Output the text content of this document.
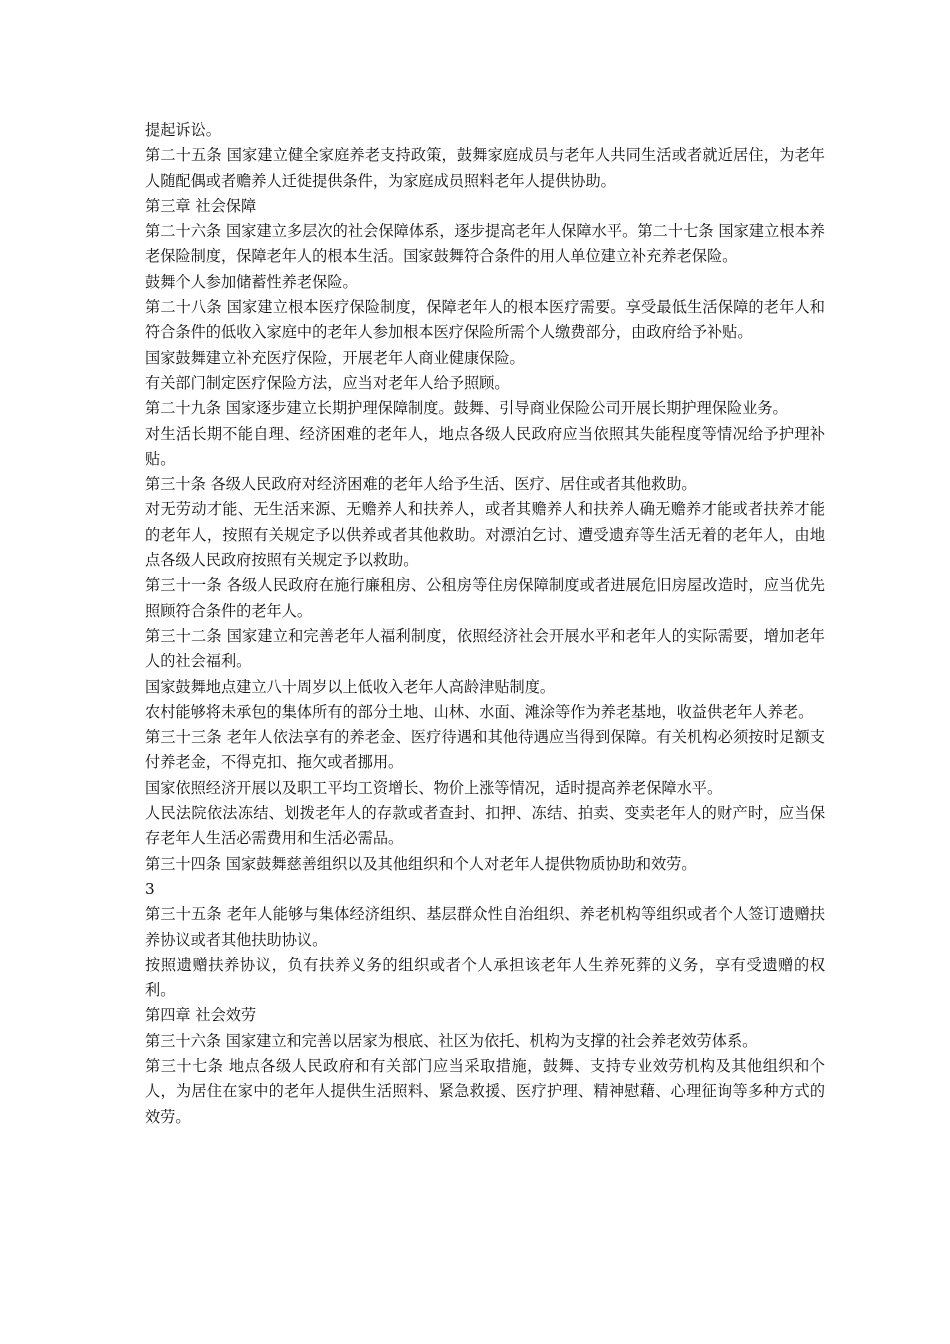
提起诉讼。

第二十五条 国家建立健全家庭养老支持政策，鼓舞家庭成员与老年人共同生活或者就近居住，为老年人随配偶或者赡养人迁徙提供条件，为家庭成员照料老年人提供协助。

第三章 社会保障

第二十六条 国家建立多层次的社会保障体系，逐步提高老年人保障水平。第二十七条 国家建立根本养老保险制度，保障老年人的根本生活。国家鼓舞符合条件的用人单位建立补充养老保险。

鼓舞个人参加储蓄性养老保险。

第二十八条 国家建立根本医疗保险制度，保障老年人的根本医疗需要。享受最低生活保障的老年人和符合条件的低收入家庭中的老年人参加根本医疗保险所需个人缴费部分，由政府给予补贴。

国家鼓舞建立补充医疗保险，开展老年人商业健康保险。

有关部门制定医疗保险方法，应当对老年人给予照顾。

第二十九条 国家逐步建立长期护理保障制度。鼓舞、引导商业保险公司开展长期护理保险业务。

对生活长期不能自理、经济困难的老年人，地点各级人民政府应当依照其失能程度等情况给予护理补贴。

第三十条 各级人民政府对经济困难的老年人给予生活、医疗、居住或者其他救助。

对无劳动才能、无生活来源、无赡养人和扶养人，或者其赡养人和扶养人确无赡养才能或者扶养才能的老年人，按照有关规定予以供养或者其他救助。对漂泊乞讨、遭受遗弃等生活无着的老年人，由地点各级人民政府按照有关规定予以救助。

第三十一条 各级人民政府在施行廉租房、公租房等住房保障制度或者进展危旧房屋改造时，应当优先照顾符合条件的老年人。

第三十二条 国家建立和完善老年人福利制度，依照经济社会开展水平和老年人的实际需要，增加老年人的社会福利。

国家鼓舞地点建立八十周岁以上低收入老年人高龄津贴制度。

农村能够将未承包的集体所有的部分土地、山林、水面、滩涂等作为养老基地，收益供老年人养老。

第三十三条 老年人依法享有的养老金、医疗待遇和其他待遇应当得到保障。有关机构必须按时足额支付养老金，不得克扣、拖欠或者挪用。

国家依照经济开展以及职工平均工资增长、物价上涨等情况，适时提高养老保障水平。

人民法院依法冻结、划拨老年人的存款或者查封、扣押、冻结、拍卖、变卖老年人的财产时，应当保存老年人生活必需费用和生活必需品。

第三十四条 国家鼓舞慈善组织以及其他组织和个人对老年人提供物质协助和效劳。

3

第三十五条 老年人能够与集体经济组织、基层群众性自治组织、养老机构等组织或者个人签订遗赠扶养协议或者其他扶助协议。

按照遗赠扶养协议，负有扶养义务的组织或者个人承担该老年人生养死葬的义务，享有受遗赠的权利。

第四章 社会效劳

第三十六条 国家建立和完善以居家为根底、社区为依托、机构为支撑的社会养老效劳体系。

第三十七条 地点各级人民政府和有关部门应当采取措施，鼓舞、支持专业效劳机构及其他组织和个人，为居住在家中的老年人提供生活照料、紧急救援、医疗护理、精神慰藉、心理征询等多种方式的效劳。
